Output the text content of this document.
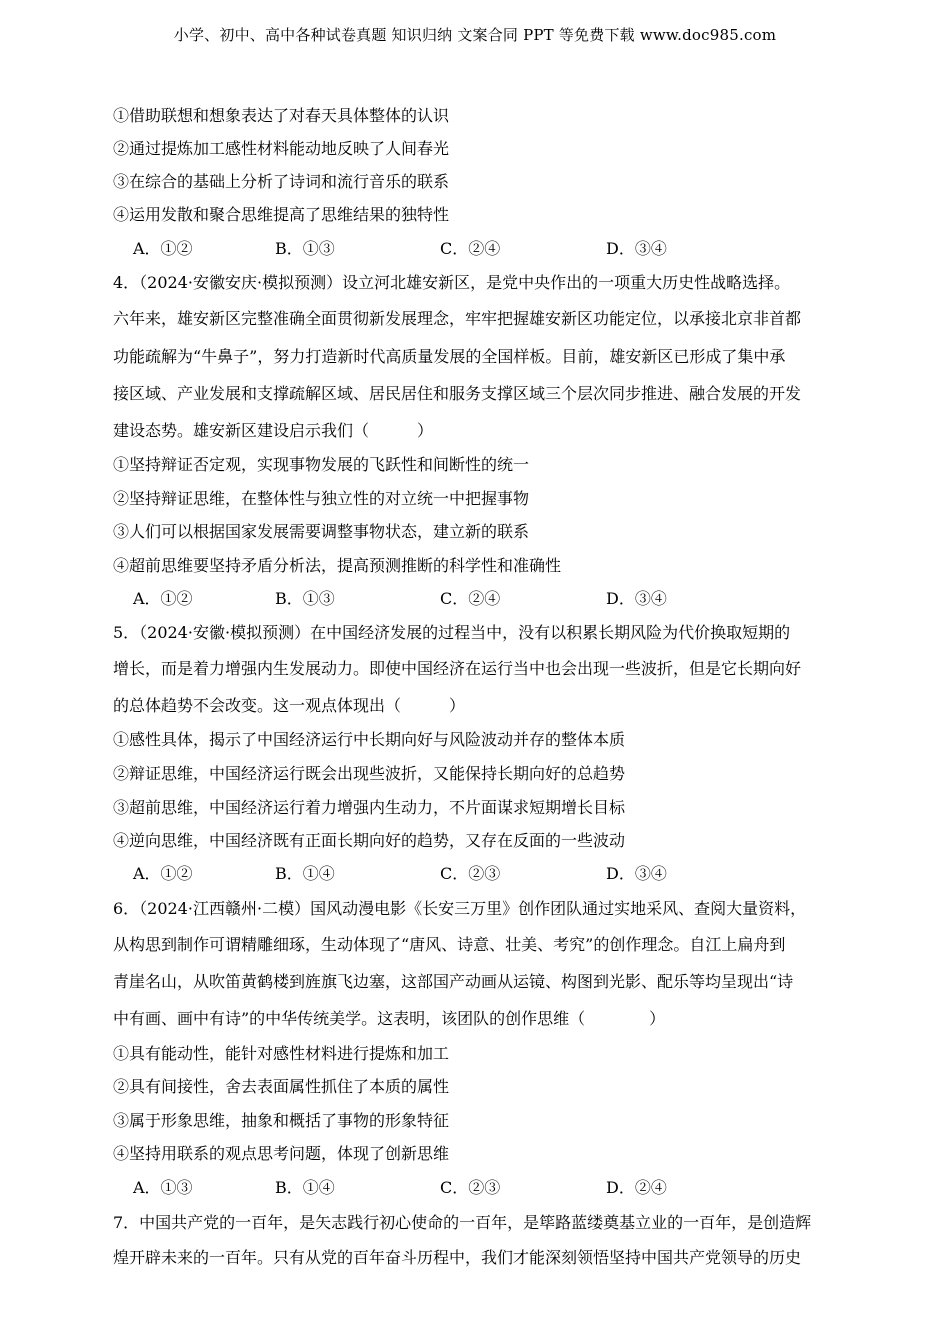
小学、初中、高中各种试卷真题 知识归纳 文案合同 PPT 等免费下载 www.doc985.com
①借助联想和想象表达了对春天具体整体的认识
②通过提炼加工感性材料能动地反映了人间春光
③在综合的基础上分析了诗词和流行音乐的联系
④运用发散和聚合思维提高了思维结果的独特性
A．①②	B．①③	C．②④	D．③④
4．（2024·安徽安庆·模拟预测）设立河北雄安新区，是党中央作出的一项重大历史性战略选择。
六年来，雄安新区完整准确全面贯彻新发展理念，牢牢把握雄安新区功能定位，以承接北京非首都
功能疏解为“牛鼻子”，努力打造新时代高质量发展的全国样板。目前，雄安新区已形成了集中承
接区域、产业发展和支撑疏解区域、居民居住和服务支撑区域三个层次同步推进、融合发展的开发
建设态势。雄安新区建设启示我们（　　　）
①坚持辩证否定观，实现事物发展的飞跃性和间断性的统一
②坚持辩证思维，在整体性与独立性的对立统一中把握事物
③人们可以根据国家发展需要调整事物状态，建立新的联系
④超前思维要坚持矛盾分析法，提高预测推断的科学性和准确性
A．①②	B．①③	C．②④	D．③④
5．（2024·安徽·模拟预测）在中国经济发展的过程当中，没有以积累长期风险为代价换取短期的
增长，而是着力增强内生发展动力。即使中国经济在运行当中也会出现一些波折，但是它长期向好
的总体趋势不会改变。这一观点体现出（　　　）
①感性具体，揭示了中国经济运行中长期向好与风险波动并存的整体本质
②辩证思维，中国经济运行既会出现些波折，又能保持长期向好的总趋势
③超前思维，中国经济运行着力增强内生动力，不片面谋求短期增长目标
④逆向思维，中国经济既有正面长期向好的趋势，又存在反面的一些波动
A．①②	B．①④	C．②③	D．③④
6．（2024·江西赣州·二模）国风动漫电影《长安三万里》创作团队通过实地采风、查阅大量资料，
从构思到制作可谓精雕细琢，生动体现了“唐风、诗意、壮美、考究”的创作理念。自江上扁舟到
青崖名山，从吹笛黄鹤楼到旌旗飞边塞，这部国产动画从运镜、构图到光影、配乐等均呈现出“诗
中有画、画中有诗”的中华传统美学。这表明，该团队的创作思维（　　　　）
①具有能动性，能针对感性材料进行提炼和加工
②具有间接性，舍去表面属性抓住了本质的属性
③属于形象思维，抽象和概括了事物的形象特征
④坚持用联系的观点思考问题，体现了创新思维
A．①③	B．①④	C．②③	D．②④
7．中国共产党的一百年，是矢志践行初心使命的一百年，是筚路蓝缕奠基立业的一百年，是创造辉
煌开辟未来的一百年。只有从党的百年奋斗历程中，我们才能深刻领悟坚持中国共产党领导的历史
